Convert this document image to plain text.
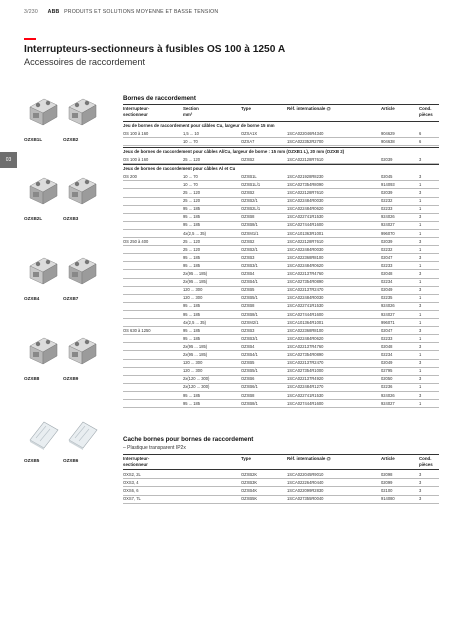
3/230 ABB PRODUITS ET SOLUTIONS MOYENNE ET BASSE TENSION
Interrupteurs-sectionneurs à fusibles OS 100 à 1250 A
Accessoires de raccordement
03
OZXB1L	OZXB2
OZXB2L	OZXB3
OZXB4	OZXB7
OZXB8	OZXB9
OZXB5	OZXB6
Bornes de raccordement
Interrupteur-sectionneur
Section mm²
Type	Réf. internationale @	Article	Cond. pièces
Jeu de bornes de raccordement pour câbles Cu, largeur de borne 15 mm
OS 100 à 160	1,5 ... 10	OZXA1X	1SCA022046R4340	904629	6
10 ... 70	OZXA7	1SCA022352R2700	904638	6
Jeux de bornes de raccordement pour câbles Al/Cu, largeur de borne : 15 mm (OZXB1 L), 20 mm (OZXB 2)
OS 100 à 160	25 ... 120	OZXB2	1SCA022128R7610	02039	3
Jeux de bornes de raccordement pour câbles Al et Cu
OS 200	10 ... 70	OZXB1L	1SCA021928R8230	02045	3
10 ... 70	OZXB1L/1	1SCA027354R8090	914093	1
25 ... 120	OZXB2	1SCA022128R7610	02039	3
25 ... 120	OZXB2/1	1SCA022484R0030	02232	1
95 ... 185	OZXB2L/1	1SCA022484R0620	02233	1
95 ... 185	OZXB8	1SCA022741R1530	924026	3
95 ... 185	OZXB8/1	1SCA027444R1600	924027	1
4x(2,5 ... 35)	OZXM1/1	1SCA101363R1001	996070	1
OS 250 à 400	25 ... 120	OZXB2	1SCA022128R7610	02039	3
25 ... 120	OZXB2/1	1SCA022484R0030	02232	1
95 ... 185	OZXB3	1SCA022368R8100	02047	3
95 ... 185	OZXB3/1	1SCA022484R0620	02233	1
2x(95 ... 185)	OZXB4	1SCA022137R4760	02048	3
2x(95 ... 185)	OZXB4/1	1SCA027354R0890	02234	1
120 ... 300	OZXB5	1SCA022137R2470	02049	3
120 ... 300	OZXB5/1	1SCA022484R0030	02235	1
95 ... 185	OZXB8	1SCA022741R1530	924026	3
95 ... 185	OZXB8/1	1SCA027444R1600	924027	1
4x(2,5 ... 35)	OZXM2/1	1SCA101364R1001	996071	1
OS 630 à 1250	95 ... 185	OZXB3	1SCA022368R8100	02047	3
95 ... 185	OZXB3/1	1SCA022484R0620	02233	1
2x(95 ... 185)	OZXB4	1SCA022137R4760	02048	3
2x(95 ... 185)	OZXB4/1	1SCA027354R0890	02234	1
120 ... 300	OZXB5	1SCA022137R2470	02049	3
120 ... 300	OZXB5/1	1SCA027354R1000	02795	1
2x(120 ... 300)	OZXB6	1SCA022137R4920	02050	3
2x(120 ... 300)	OZXB6/1	1SCA022484R1270	02236	1
95 ... 185	OZXB8	1SCA022741R1530	924026	3
95 ... 185	OZXB8/1	1SCA027444R1600	924027	1
Cache bornes pour bornes de raccordement
– Plastique transparent IP2x
Interrupteur-sectionneur
Type	Réf. internationale @	Article	Cond. pièces
OXS2, 2L	OZXB2K	1SCA022045R9010	02098	3
OXS3, 4	OZXB3K	1SCA022264R0440	02099	3
OXS6, 6	OZXB4K	1SCA022099R2830	02100	3
OXS7, 7L	OZXB5K	1SCA027355R0040	914080	3
